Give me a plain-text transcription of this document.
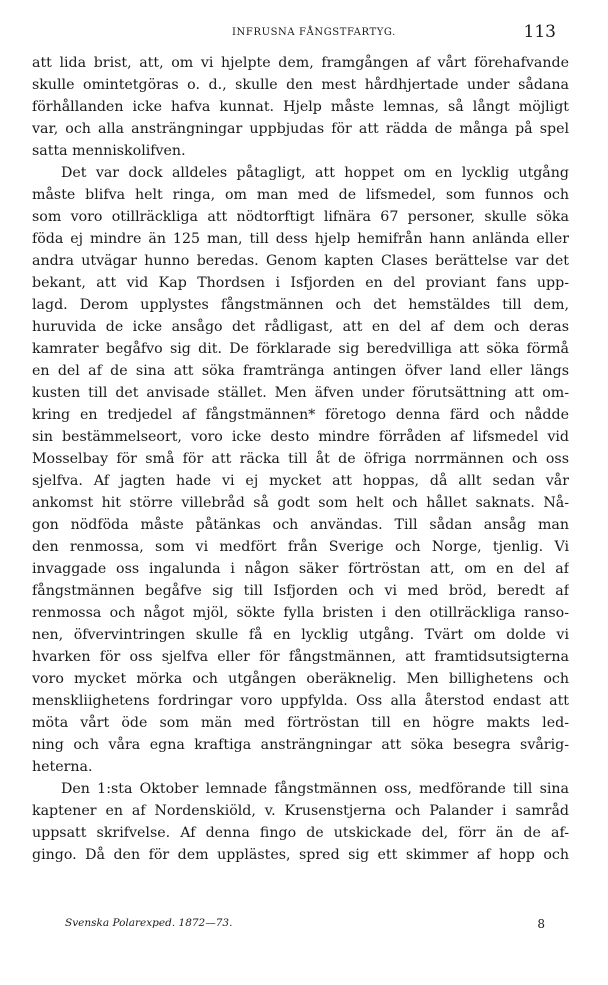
INFRUSNA FÅNGSTFARTYG.	113
att lida brist, att, om vi hjelpte dem, framgången af vårt förehafvande
skulle omintetgöras o. d., skulle den mest hårdhjertade under sådana
förhållanden icke hafva kunnat. Hjelp måste lemnas, så långt möjligt
var, och alla ansträngningar uppbjudas för att rädda de många på spel
satta menniskolifven.
Det var dock alldeles påtagligt, att hoppet om en lycklig utgång
måste blifva helt ringa, om man med de lifsmedel, som funnos och
som voro otillräckliga att nödtorftigt lifnära 67 personer, skulle söka
föda ej mindre än 125 man, till dess hjelp hemifrån hann anlända eller
andra utvägar hunno beredas. Genom kapten Clases berättelse var det
bekant, att vid Kap Thordsen i Isfjorden en del proviant fans upp-
lagd. Derom upplystes fångstmännen och det hemstäldes till dem,
huruvida de icke ansågo det rådligast, att en del af dem och deras
kamrater begåfvo sig dit. De förklarade sig beredvilliga att söka förmå
en del af de sina att söka framtränga antingen öfver land eller längs
kusten till det anvisade stället. Men äfven under förutsättning att om-
kring en tredjedel af fångstmännen* företogo denna färd och nådde
sin bestämmelseort, voro icke desto mindre förråden af lifsmedel vid
Mosselbay för små för att räcka till åt de öfriga norrmännen och oss
sjelfva. Af jagten hade vi ej mycket att hoppas, då allt sedan vår
ankomst hit större villebråd så godt som helt och hållet saknats. Nå-
gon nödföda måste påtänkas och användas. Till sådan ansåg man
den renmossa, som vi medfört från Sverige och Norge, tjenlig. Vi
invaggade oss ingalunda i någon säker förtröstan att, om en del af
fångstmännen begåfve sig till Isfjorden och vi med bröd, beredt af
renmossa och något mjöl, sökte fylla bristen i den otillräckliga ranso-
nen, öfvervintringen skulle få en lycklig utgång. Tvärt om dolde vi
hvarken för oss sjelfva eller för fångstmännen, att framtidsutsigterna
voro mycket mörka och utgången oberäknelig. Men billighetens och
menskliighetens fordringar voro uppfylda. Oss alla återstod endast att
möta vårt öde som män med förtröstan till en högre makts led-
ning och våra egna kraftiga ansträngningar att söka besegra svårig-
heterna.
Den 1:sta Oktober lemnade fångstmännen oss, medförande till sina
kaptener en af Nordenskiöld, v. Krusenstjerna och Palander i samråd
uppsatt skrifvelse. Af denna fingo de utskickade del, förr än de af-
gingo. Då den för dem upplästes, spred sig ett skimmer af hopp och
Svenska Polarexped. 1872—73.	8
